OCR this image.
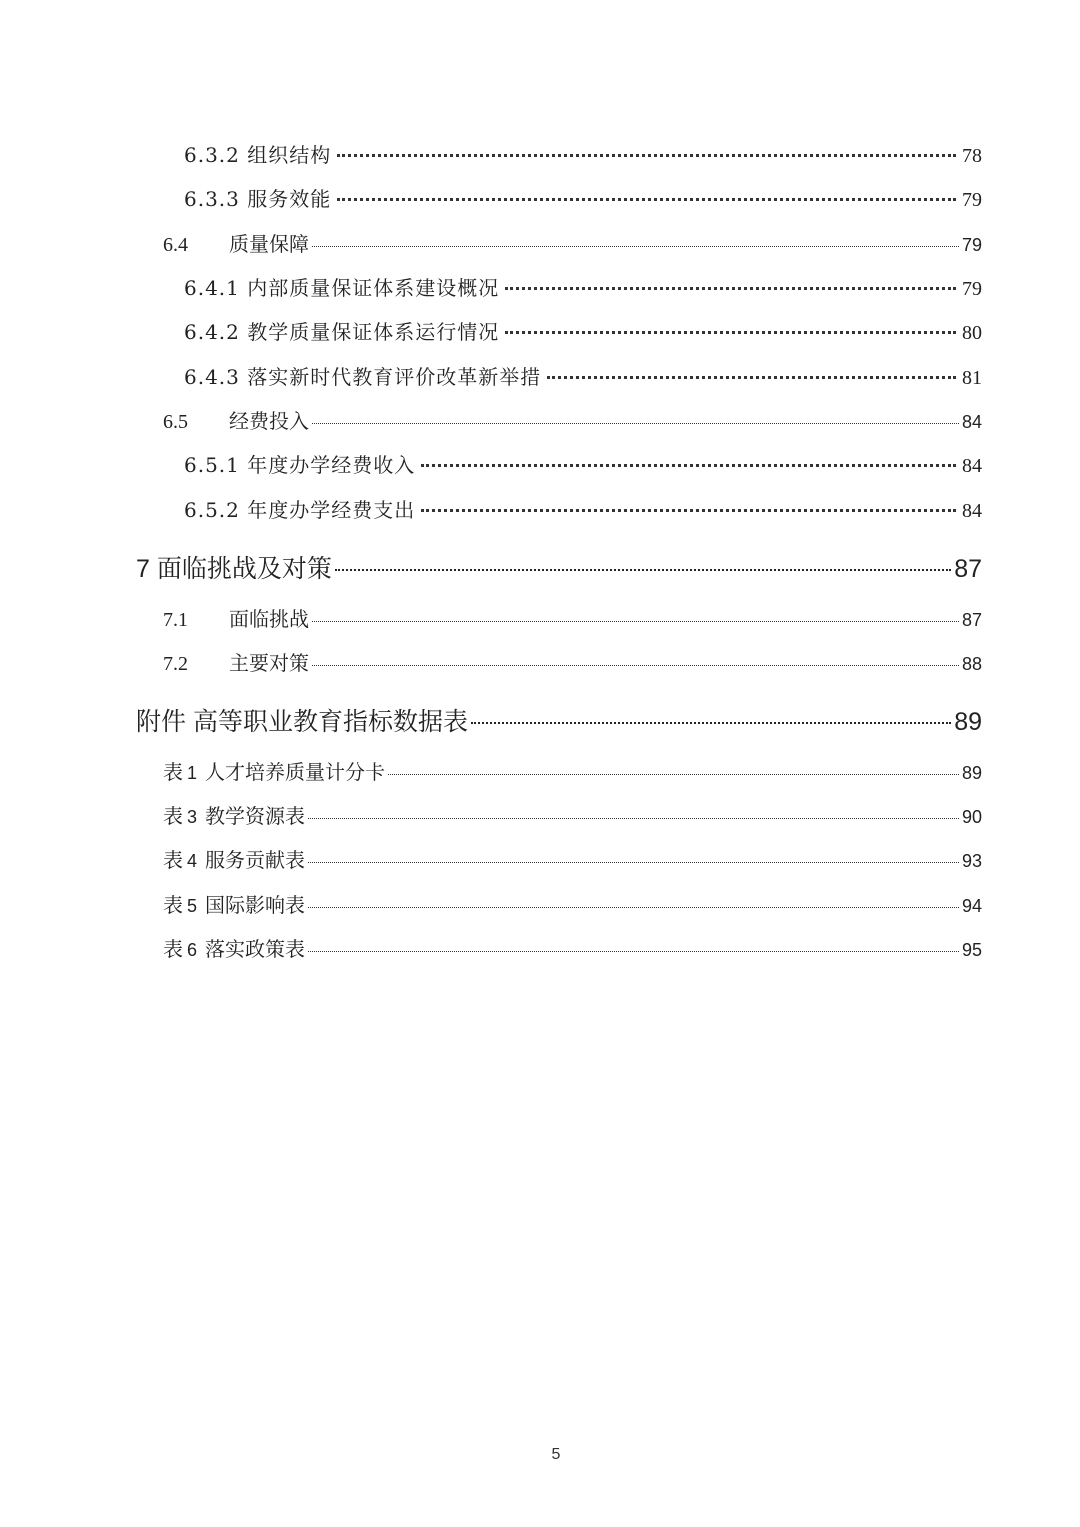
6.3.2 组织结构	78
6.3.3 服务效能	79
6.4 质量保障	79
6.4.1 内部质量保证体系建设概况	79
6.4.2 教学质量保证体系运行情况	80
6.4.3 落实新时代教育评价改革新举措	81
6.5 经费投入	84
6.5.1 年度办学经费收入	84
6.5.2 年度办学经费支出	84
7 面临挑战及对策	87
7.1 面临挑战	87
7.2 主要对策	88
附件 高等职业教育指标数据表	89
表 1 人才培养质量计分卡	89
表 3 教学资源表	90
表 4 服务贡献表	93
表 5 国际影响表	94
表 6 落实政策表	95
5
